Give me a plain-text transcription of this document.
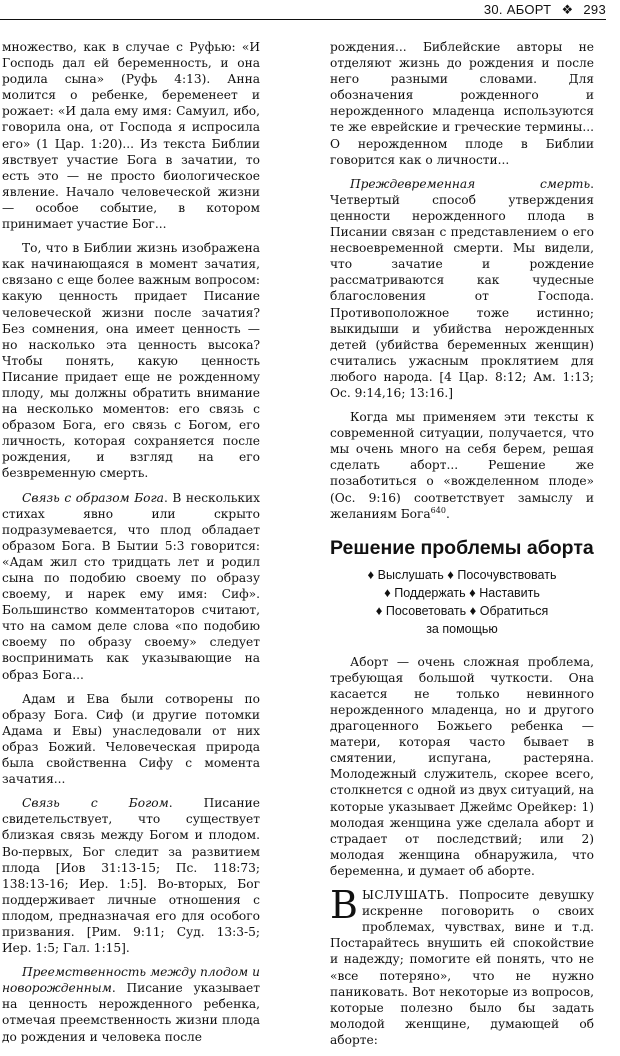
30. АБОРТ ❖ 293

множество, как в случае с Руфью: «И Господь дал ей беременность, и она родила сына» (Руфь 4:13). Анна молится о ребенке, беременеет и рожает: «И дала ему имя: Самуил, ибо, говорила она, от Господа я испросила его» (1 Цар. 1:20)... Из текста Библии явствует участие Бога в зачатии, то есть это — не просто биологическое явление. Начало человеческой жизни — особое событие, в котором принимает участие Бог...

То, что в Библии жизнь изображена как начинающаяся в момент зачатия, связано с еще более важным вопросом: какую ценность придает Писание человеческой жизни после зачатия? Без сомнения, она имеет ценность — но насколько эта ценность высока? Чтобы понять, какую ценность Писание придает еще не рожденному плоду, мы должны обратить внимание на несколько моментов: его связь с образом Бога, его связь с Богом, его личность, которая сохраняется после рождения, и взгляд на его безвременную смерть.

Связь с образом Бога. В нескольких стихах явно или скрыто подразумевается, что плод обладает образом Бога. В Бытии 5:3 говорится: «Адам жил сто тридцать лет и родил сына по подобию своему по образу своему, и нарек ему имя: Сиф». Большинство комментаторов считают, что на самом деле слова «по подобию своему по образу своему» следует воспринимать как указывающие на образ Бога...

Адам и Ева были сотворены по образу Бога. Сиф (и другие потомки Адама и Евы) унаследовали от них образ Божий. Человеческая природа была свойственна Сифу с момента зачатия...

Связь с Богом. Писание свидетельствует, что существует близкая связь между Богом и плодом. Во-первых, Бог следит за развитием плода [Иов 31:13-15; Пс. 118:73; 138:13-16; Иер. 1:5]. Во-вторых, Бог поддерживает личные отношения с плодом, предназначая его для особого призвания. [Рим. 9:11; Суд. 13:3-5; Иер. 1:5; Гал. 1:15].

Преемственность между плодом и новорожденным. Писание указывает на ценность нерожденного ребенка, отмечая преемственность жизни плода до рождения и человека после

рождения... Библейские авторы не отделяют жизнь до рождения и после него разными словами. Для обозначения рожденного и нерожденного младенца используются те же еврейские и греческие термины... О нерожденном плоде в Библии говорится как о личности...

Преждевременная смерть. Четвертый способ утверждения ценности нерожденного плода в Писании связан с представлением о его несвоевременной смерти. Мы видели, что зачатие и рождение рассматриваются как чудесные благословения от Господа. Противоположное тоже истинно; выкидыши и убийства нерожденных детей (убийства беременных женщин) считались ужасным проклятием для любого народа. [4 Цар. 8:12; Ам. 1:13; Ос. 9:14,16; 13:16.]

Когда мы применяем эти тексты к современной ситуации, получается, что мы очень много на себя берем, решая сделать аборт... Решение же позаботиться о «вожделенном плоде» (Ос. 9:16) соответствует замыслу и желаниям Бога$^{640}$.

Решение проблемы аборта
♦ Выслушать ♦ Посочувствовать
♦ Поддержать ♦ Наставить
♦ Посоветовать ♦ Обратиться
за помощью

Аборт — очень сложная проблема, требующая большой чуткости. Она касается не только невинного нерожденного младенца, но и другого драгоценного Божьего ребенка — матери, которая часто бывает в смятении, испугана, растеряна. Молодежный служитель, скорее всего, столкнется с одной из двух ситуаций, на которые указывает Джеймс Орейкер: 1) молодая женщина уже сделала аборт и страдает от последствий; или 2) молодая женщина обнаружила, что беременна, и думает об аборте.

ВЫСЛУШАТЬ. Попросите девушку искренне поговорить о своих проблемах, чувствах, вине и т.д. Постарайтесь внушить ей спокойствие и надежду; помогите ей понять, что не «все потеряно», что не нужно паниковать. Вот некоторые из вопросов, которые полезно было бы задать молодой женщине, думающей об аборте:
